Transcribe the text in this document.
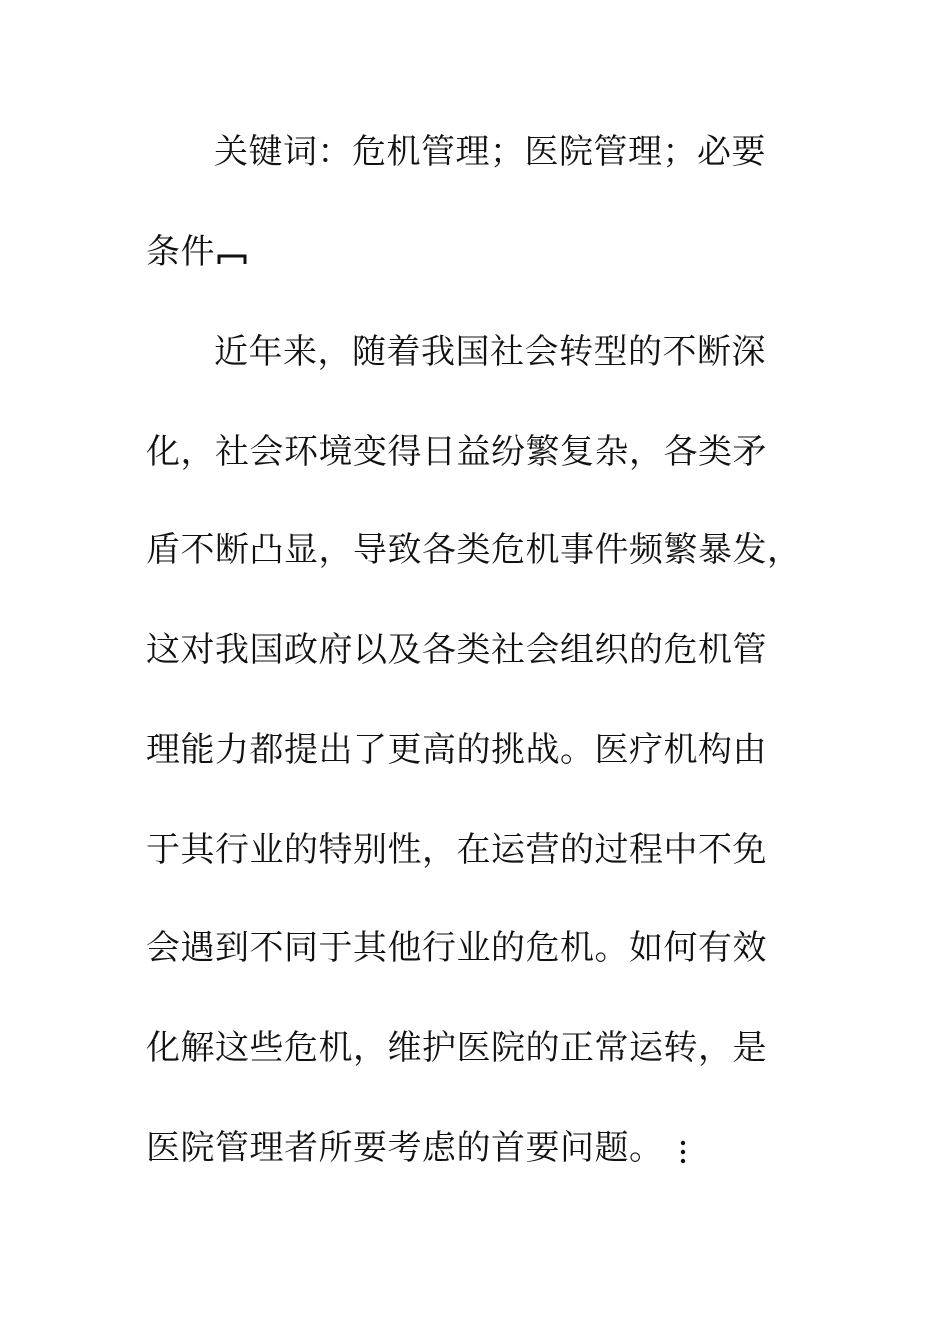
关键词：危机管理；医院管理；必要
条件
近年来，随着我国社会转型的不断深
化，社会环境变得日益纷繁复杂，各类矛
盾不断凸显，导致各类危机事件频繁暴发，
这对我国政府以及各类社会组织的危机管
理能力都提出了更高的挑战。医疗机构由
于其行业的特别性，在运营的过程中不免
会遇到不同于其他行业的危机。如何有效
化解这些危机，维护医院的正常运转，是
医院管理者所要考虑的首要问题。
